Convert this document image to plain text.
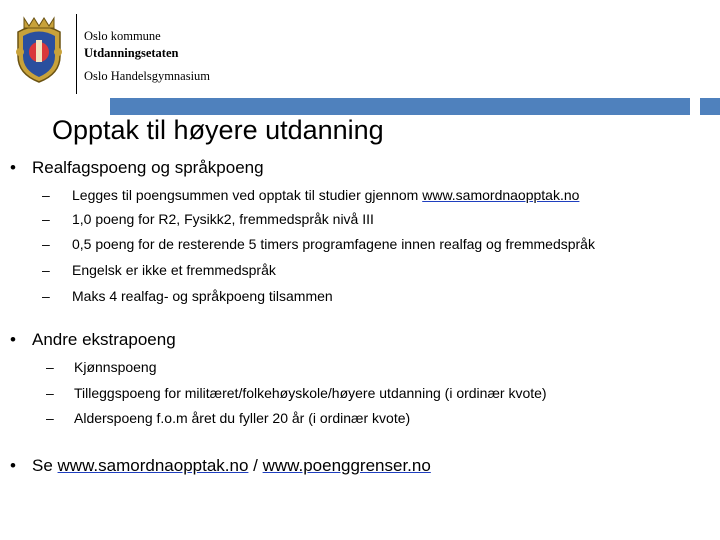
Oslo kommune
Utdanningsetaten
Oslo Handelsgymnasium
Opptak til høyere utdanning
• Realfagspoeng og språkpoeng
– Legges til poengsummen ved opptak til studier gjennom www.samordnaopptak.no
– 1,0 poeng for R2, Fysikk2, fremmedspråk nivå III
– 0,5 poeng for de resterende 5 timers programfagene innen realfag og fremmedspråk
– Engelsk er ikke et fremmedspråk
– Maks 4 realfag- og språkpoeng tilsammen
• Andre ekstrapoeng
– Kjønnspoeng
– Tilleggspoeng for militæret/folkehøyskole/høyere utdanning (i ordinær kvote)
– Alderspoeng f.o.m året du fyller 20 år (i ordinær kvote)
• Se www.samordnaopptak.no / www.poenggrenser.no
